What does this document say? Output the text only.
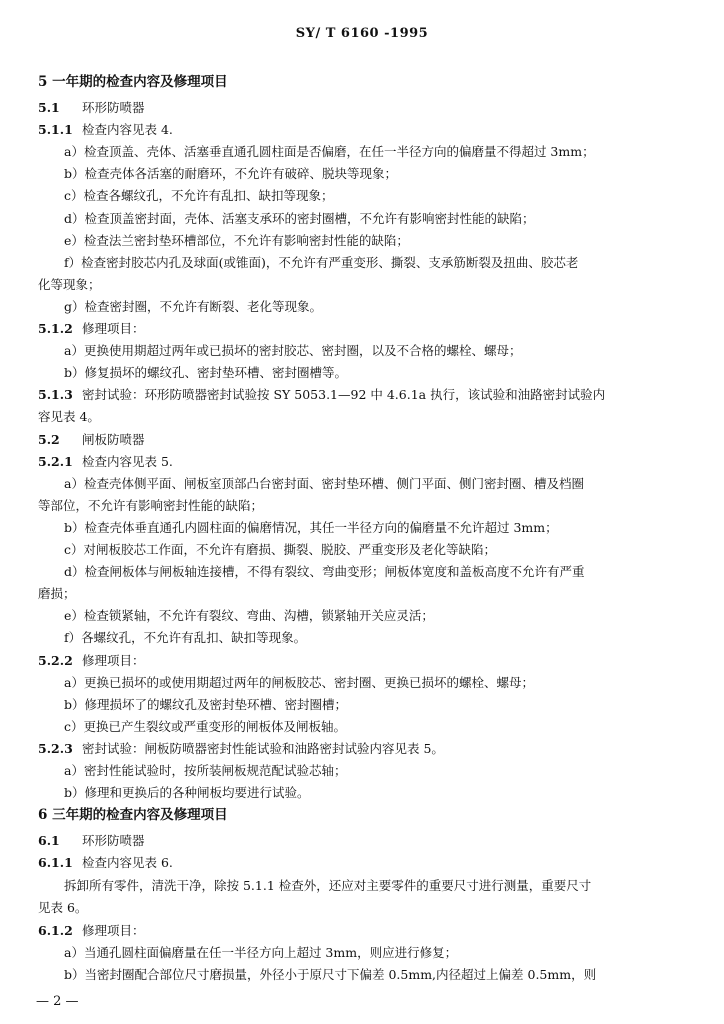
SY/ T 6160 -1995
5 一年期的检查内容及修理项目
5.1 环形防喷器
5.1.1 检查内容见表 4.
a）检查顶盖、壳体、活塞垂直通孔圆柱面是否偏磨，在任一半径方向的偏磨量不得超过 3mm；
b）检查壳体各活塞的耐磨环，不允许有破碎、脱块等现象；
c）检查各螺纹孔，不允许有乱扣、缺扣等现象；
d）检查顶盖密封面，壳体、活塞支承环的密封圈槽，不允许有影响密封性能的缺陷；
e）检查法兰密封垫环槽部位，不允许有影响密封性能的缺陷；
f）检查密封胶芯内孔及球面(或锥面)，不允许有严重变形、撕裂、支承筋断裂及扭曲、胶芯老
化等现象；
g）检查密封圈，不允许有断裂、老化等现象。
5.1.2 修理项目：
a）更换使用期超过两年或已损坏的密封胶芯、密封圈，以及不合格的螺栓、螺母；
b）修复损坏的螺纹孔、密封垫环槽、密封圈槽等。
5.1.3 密封试验：环形防喷器密封试验按 SY 5053.1—92 中 4.6.1a 执行，该试验和油路密封试验内
容见表 4。
5.2 闸板防喷器
5.2.1 检查内容见表 5.
a）检查壳体侧平面、闸板室顶部凸台密封面、密封垫环槽、侧门平面、侧门密封圈、槽及档圈
等部位，不允许有影响密封性能的缺陷；
b）检查壳体垂直通孔内圆柱面的偏磨情况，其任一半径方向的偏磨量不允许超过 3mm；
c）对闸板胶芯工作面，不允许有磨损、撕裂、脱胶、严重变形及老化等缺陷；
d）检查闸板体与闸板轴连接槽，不得有裂纹、弯曲变形；闸板体宽度和盖板高度不允许有严重
磨损；
e）检查锁紧轴，不允许有裂纹、弯曲、沟槽，锁紧轴开关应灵活；
f）各螺纹孔，不允许有乱扣、缺扣等现象。
5.2.2 修理项目：
a）更换已损坏的或使用期超过两年的闸板胶芯、密封圈、更换已损坏的螺栓、螺母；
b）修理损坏了的螺纹孔及密封垫环槽、密封圈槽；
c）更换已产生裂纹或严重变形的闸板体及闸板轴。
5.2.3 密封试验：闸板防喷器密封性能试验和油路密封试验内容见表 5。
a）密封性能试验时，按所装闸板规范配试验芯轴；
b）修理和更换后的各种闸板均要进行试验。
6 三年期的检查内容及修理项目
6.1 环形防喷器
6.1.1 检查内容见表 6.
拆卸所有零件，清洗干净，除按 5.1.1 检查外，还应对主要零件的重要尺寸进行测量，重要尺寸
见表 6。
6.1.2 修理项目：
a）当通孔圆柱面偏磨量在任一半径方向上超过 3mm，则应进行修复；
b）当密封圈配合部位尺寸磨损量，外径小于原尺寸下偏差 0.5mm,内径超过上偏差 0.5mm，则
— 2 —
